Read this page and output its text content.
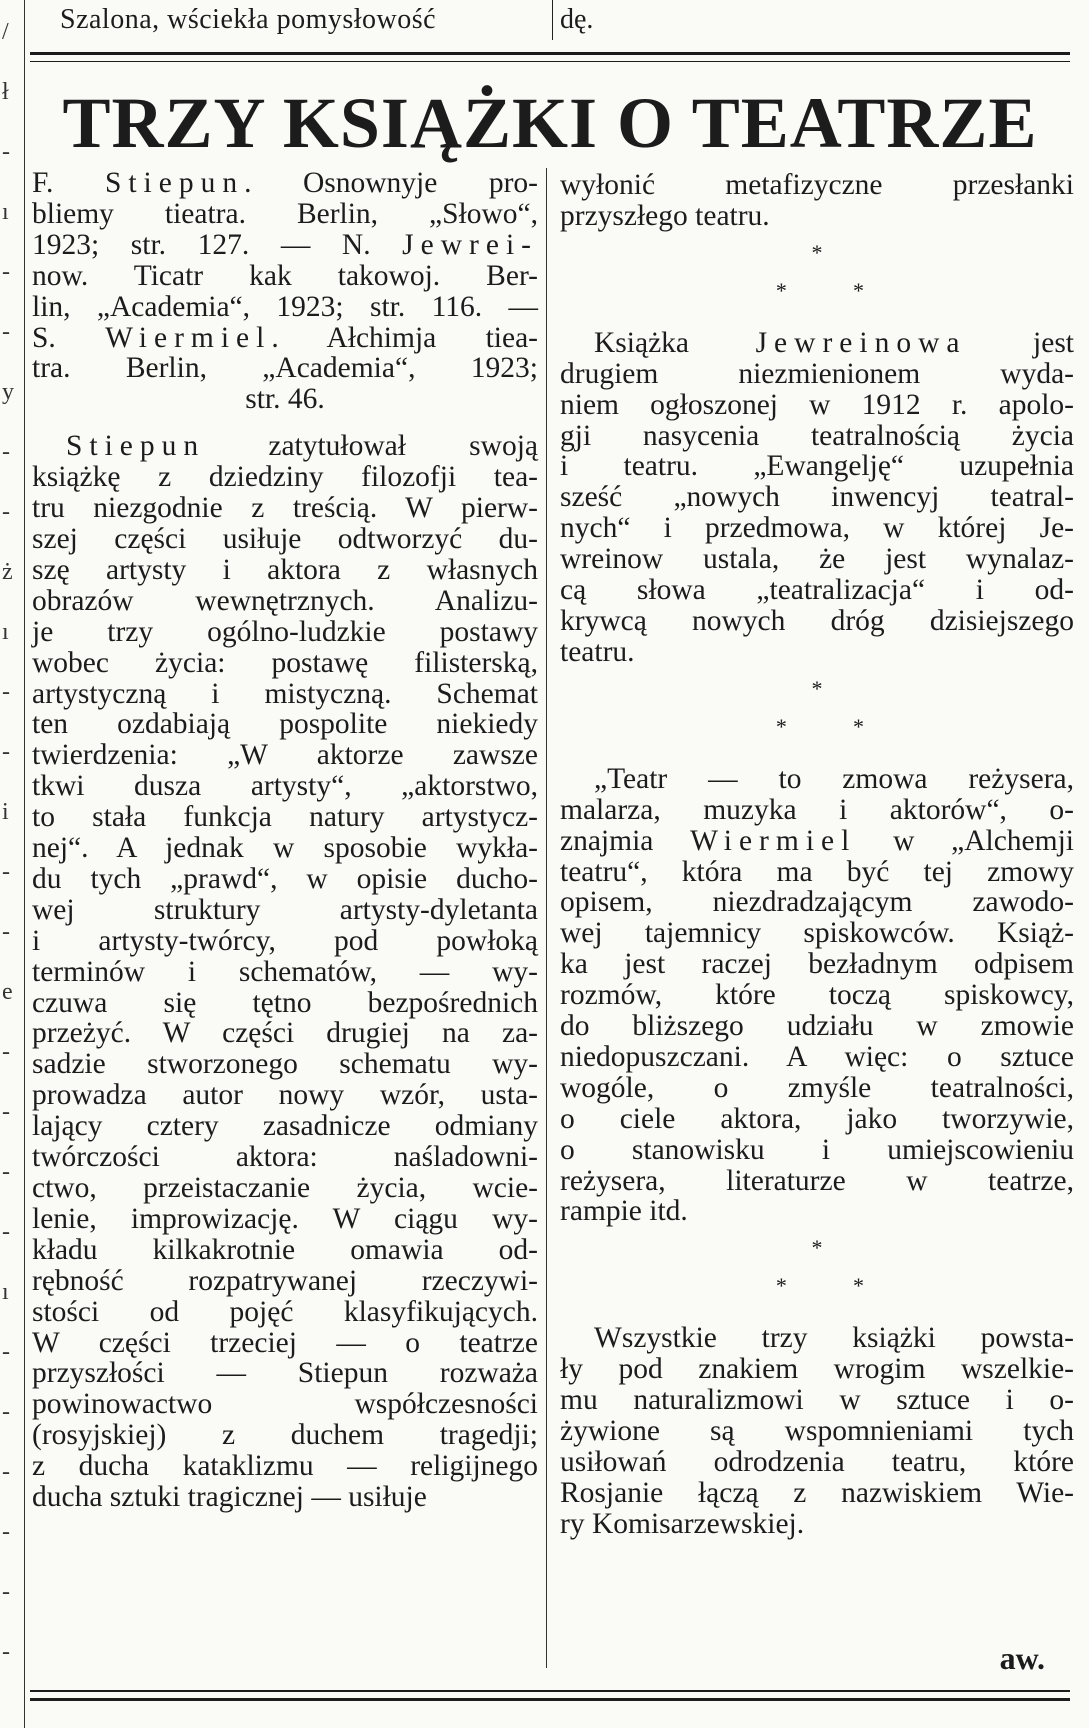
/
ł
-
ı
-
-
y
-
-
ż
ı
-
-
i
-
-
e
-
-
-
-
ı
-
-
-
-
-
-
Szalona, wściekła pomysłowość	dę.
TRZY KSIĄŻKI O TEATRZE
F. Stiepun. Osnownyje pro-
bliemy tieatra. Berlin, „Słowo“,
1923; str. 127. — N. Jewrei-
now. Ticatr kak takowoj. Ber-
lin, „Academia“, 1923; str. 116. —
S. Wiermiel. Ałchimja tiea-
tra. Berlin, „Academia“, 1923;
str. 46.
Stiepun zatytułował swoją
książkę z dziedziny filozofji tea-
tru niezgodnie z treścią. W pierw-
szej części usiłuje odtworzyć du-
szę artysty i aktora z własnych
obrazów wewnętrznych. Analizu-
je trzy ogólno-ludzkie postawy
wobec życia: postawę filisterską,
artystyczną i mistyczną. Schemat
ten ozdabiają pospolite niekiedy
twierdzenia: „W aktorze zawsze
tkwi dusza artysty“, „aktorstwo,
to stała funkcja natury artystycz-
nej“. A jednak w sposobie wykła-
du tych „prawd“, w opisie ducho-
wej struktury artysty-dyletanta
i artysty-twórcy, pod powłoką
terminów i schematów, — wy-
czuwa się tętno bezpośrednich
przeżyć. W części drugiej na za-
sadzie stworzonego schematu wy-
prowadza autor nowy wzór, usta-
lający cztery zasadnicze odmiany
twórczości aktora: naśladowni-
ctwo, przeistaczanie życia, wcie-
lenie, improwizację. W ciągu wy-
kładu kilkakrotnie omawia od-
rębność rozpatrywanej rzeczywi-
stości od pojęć klasyfikujących.
W części trzeciej — o teatrze
przyszłości — Stiepun rozważa
powinowactwo współczesności
(rosyjskiej) z duchem tragedji;
z ducha kataklizmu — religijnego
ducha sztuki tragicznej — usiłuje
wyłonić metafizyczne przesłanki
przyszłego teatru.
*
*	*
Książka Jewreinowa jest
drugiem niezmienionem wyda-
niem ogłoszonej w 1912 r. apolo-
gji nasycenia teatralnością życia
i teatru. „Ewangelję“ uzupełnia
sześć „nowych inwencyj teatral-
nych“ i przedmowa, w której Je-
wreinow ustala, że jest wynalaz-
cą słowa „teatralizacja“ i od-
krywcą nowych dróg dzisiejszego
teatru.
*
*	*
„Teatr — to zmowa reżysera,
malarza, muzyka i aktorów“, o-
znajmia Wiermiel w „Alchemji
teatru“, która ma być tej zmowy
opisem, niezdradzającym zawodo-
wej tajemnicy spiskowców. Książ-
ka jest raczej bezładnym odpisem
rozmów, które toczą spiskowcy,
do bliższego udziału w zmowie
niedopuszczani. A więc: o sztuce
wogóle, o zmyśle teatralności,
o ciele aktora, jako tworzywie,
o stanowisku i umiejscowieniu
reżysera, literaturze w teatrze,
rampie itd.
*
*	*
Wszystkie trzy książki powsta-
ły pod znakiem wrogim wszelkie-
mu naturalizmowi w sztuce i o-
żywione są wspomnieniami tych
usiłowań odrodzenia teatru, które
Rosjanie łączą z nazwiskiem Wie-
ry Komisarzewskiej.
aw.
